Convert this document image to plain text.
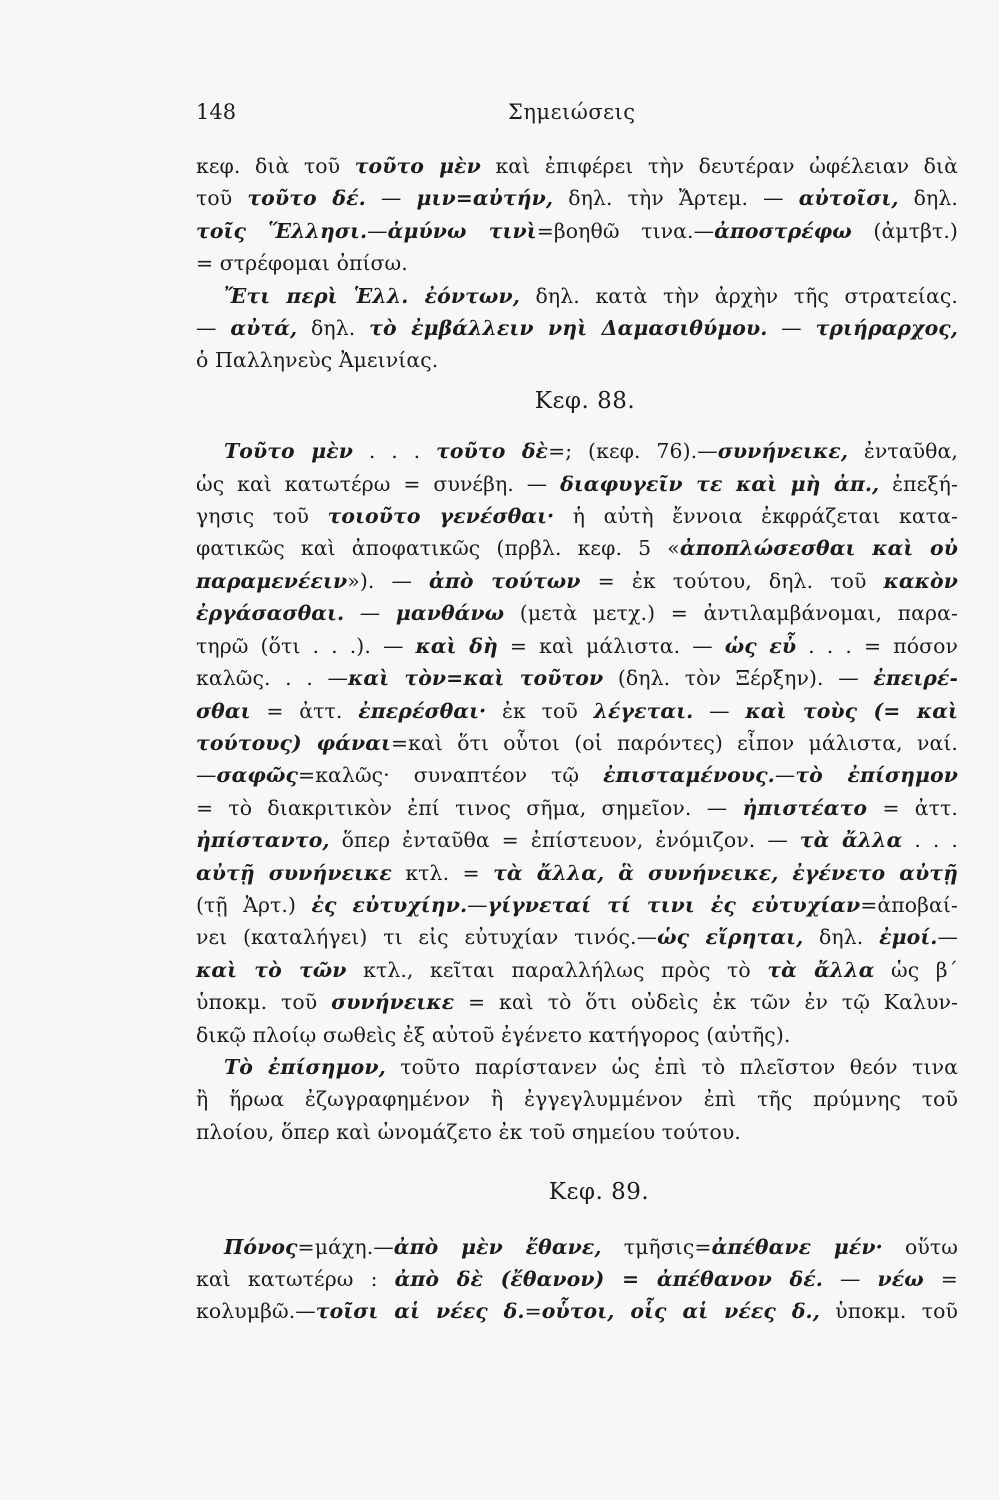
148	Σημειώσεις
κεφ. διὰ τοῦ τοῦτο μὲν καὶ ἐπιφέρει τὴν δευτέραν ὠφέλειαν διὰ
τοῦ τοῦτο δέ. — μιν=αὐτήν, δηλ. τὴν Ἄρτεμ. — αὐτοῖσι, δηλ.
τοῖς Ἕλλησι.—ἀμύνω τινὶ=βοηθῶ τινα.—ἀποστρέφω (ἀμτβτ.)
= στρέφομαι ὀπίσω.
Ἔτι περὶ Ἑλλ. ἐόντων, δηλ. κατὰ τὴν ἀρχὴν τῆς στρατείας.
— αὐτά, δηλ. τὸ ἐμβάλλειν νηὶ Δαμασιθύμου. — τριήραρχος,
ὁ Παλληνεὺς Ἀμεινίας.
Κεφ. 88.
Τοῦτο μὲν . . . τοῦτο δὲ=; (κεφ. 76).—συνήνεικε, ἐνταῦθα,
ὡς καὶ κατωτέρω = συνέβη. — διαφυγεῖν τε καὶ μὴ ἀπ., ἐπεξή-
γησις τοῦ τοιοῦτο γενέσθαι· ἡ αὐτὴ ἔννοια ἐκφράζεται κατα-
φατικῶς καὶ ἀποφατικῶς (πρβλ. κεφ. 5 «ἀποπλώσεσθαι καὶ οὐ
παραμενέειν»). — ἀπὸ τούτων = ἐκ τούτου, δηλ. τοῦ κακὸν
ἐργάσασθαι. — μανθάνω (μετὰ μετχ.) = ἀντιλαμβάνομαι, παρα-
τηρῶ (ὅτι . . .). — καὶ δὴ = καὶ μάλιστα. — ὡς εὖ . . . = πόσον
καλῶς. . . —καὶ τὸν=καὶ τοῦτον (δηλ. τὸν Ξέρξην). — ἐπειρέ-
σθαι = ἀττ. ἐπερέσθαι· ἐκ τοῦ λέγεται. — καὶ τοὺς (= καὶ
τούτους) φάναι=καὶ ὅτι οὗτοι (οἱ παρόντες) εἶπον μάλιστα, ναί.
—σαφῶς=καλῶς· συναπτέον τῷ ἐπισταμένους.—τὸ ἐπίσημον
= τὸ διακριτικὸν ἐπί τινος σῆμα, σημεῖον. — ἠπιστέατο = ἀττ.
ἠπίσταντο, ὅπερ ἐνταῦθα = ἐπίστευον, ἐνόμιζον. — τὰ ἄλλα . . .
αὐτῇ συνήνεικε κτλ. = τὰ ἄλλα, ἃ συνήνεικε, ἐγένετο αὐτῇ
(τῇ Ἀρτ.) ἐς εὐτυχίην.—γίγνεταί τί τινι ἐς εὐτυχίαν=ἀποβαί-
νει (καταλήγει) τι εἰς εὐτυχίαν τινός.—ὡς εἴρηται, δηλ. ἐμοί.—
καὶ τὸ τῶν κτλ., κεῖται παραλλήλως πρὸς τὸ τὰ ἄλλα ὡς β´
ὑποκμ. τοῦ συνήνεικε = καὶ τὸ ὅτι οὐδεὶς ἐκ τῶν ἐν τῷ Καλυν-
δικῷ πλοίῳ σωθεὶς ἐξ αὐτοῦ ἐγένετο κατήγορος (αὐτῆς).
Τὸ ἐπίσημον, τοῦτο παρίστανεν ὡς ἐπὶ τὸ πλεῖστον θεόν τινα
ἢ ἥρωα ἐζωγραφημένον ἢ ἐγγεγλυμμένον ἐπὶ τῆς πρύμνης τοῦ
πλοίου, ὅπερ καὶ ὠνομάζετο ἐκ τοῦ σημείου τούτου.
Κεφ. 89.
Πόνος=μάχη.—ἀπὸ μὲν ἔθανε, τμῆσις=ἀπέθανε μέν· οὕτω
καὶ κατωτέρω : ἀπὸ δὲ (ἔθανον) = ἀπέθανον δέ. — νέω =
κολυμβῶ.—τοῖσι αἱ νέες δ.=οὗτοι, οἷς αἱ νέες δ., ὑποκμ. τοῦ
